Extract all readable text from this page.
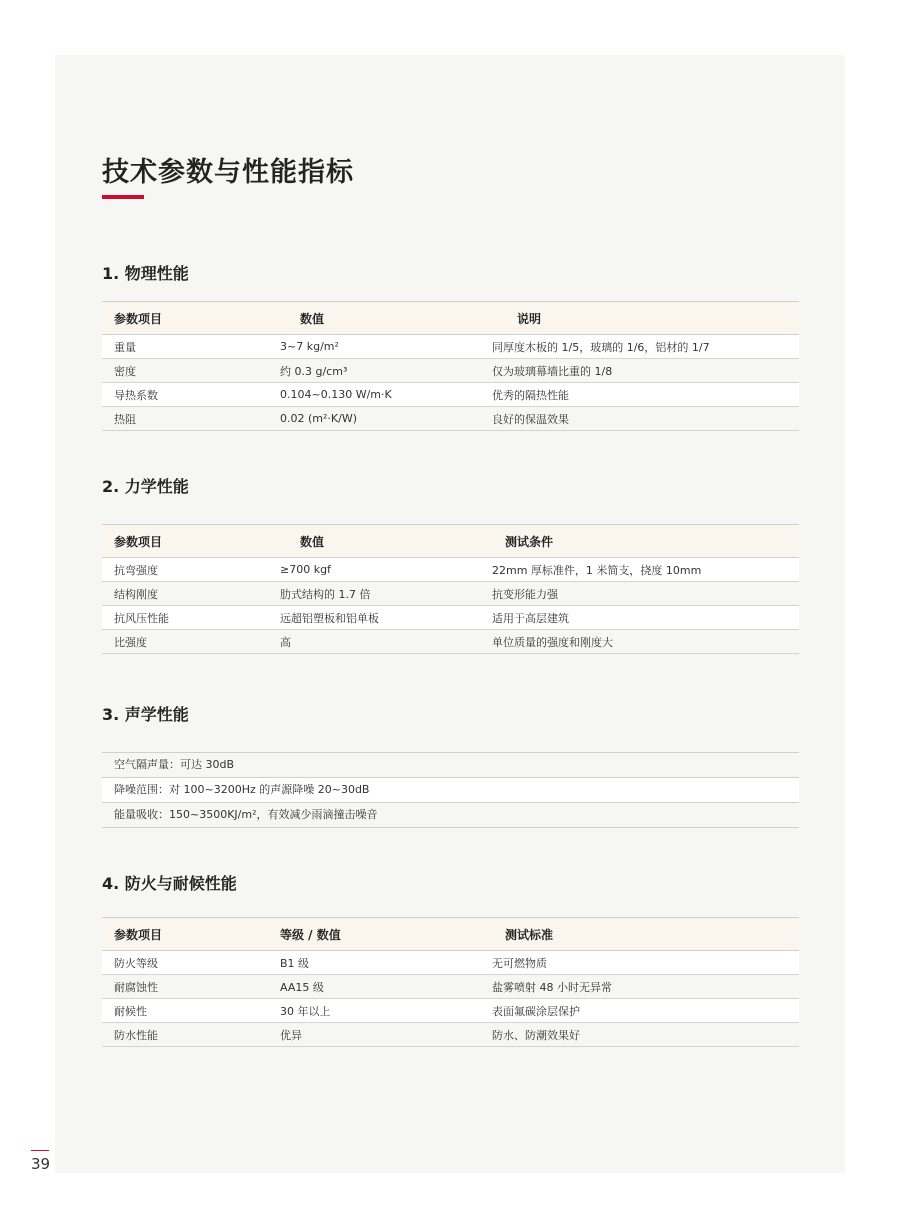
技术参数与性能指标
1. 物理性能
参数项目	数值	说明
重量	3~7 kg/m²	同厚度木板的 1/5，玻璃的 1/6，铝材的 1/7
密度	约 0.3 g/cm³	仅为玻璃幕墙比重的 1/8
导热系数	0.104~0.130 W/m·K	优秀的隔热性能
热阻	0.02 (m²·K/W)	良好的保温效果
2. 力学性能
参数项目	数值	测试条件
抗弯强度	≥700 kgf	22mm 厚标准件，1 米简支，挠度 10mm
结构刚度	肋式结构的 1.7 倍	抗变形能力强
抗风压性能	远超铝塑板和铝单板	适用于高层建筑
比强度	高	单位质量的强度和刚度大
3. 声学性能
空气隔声量：可达 30dB
降噪范围：对 100~3200Hz 的声源降噪 20~30dB
能量吸收：150~3500KJ/m²，有效减少雨滴撞击噪音
4. 防火与耐候性能
参数项目	等级 / 数值	测试标准
防火等级	B1 级	无可燃物质
耐腐蚀性	AA15 级	盐雾喷射 48 小时无异常
耐候性	30 年以上	表面氟碳涂层保护
防水性能	优异	防水、防潮效果好
39
